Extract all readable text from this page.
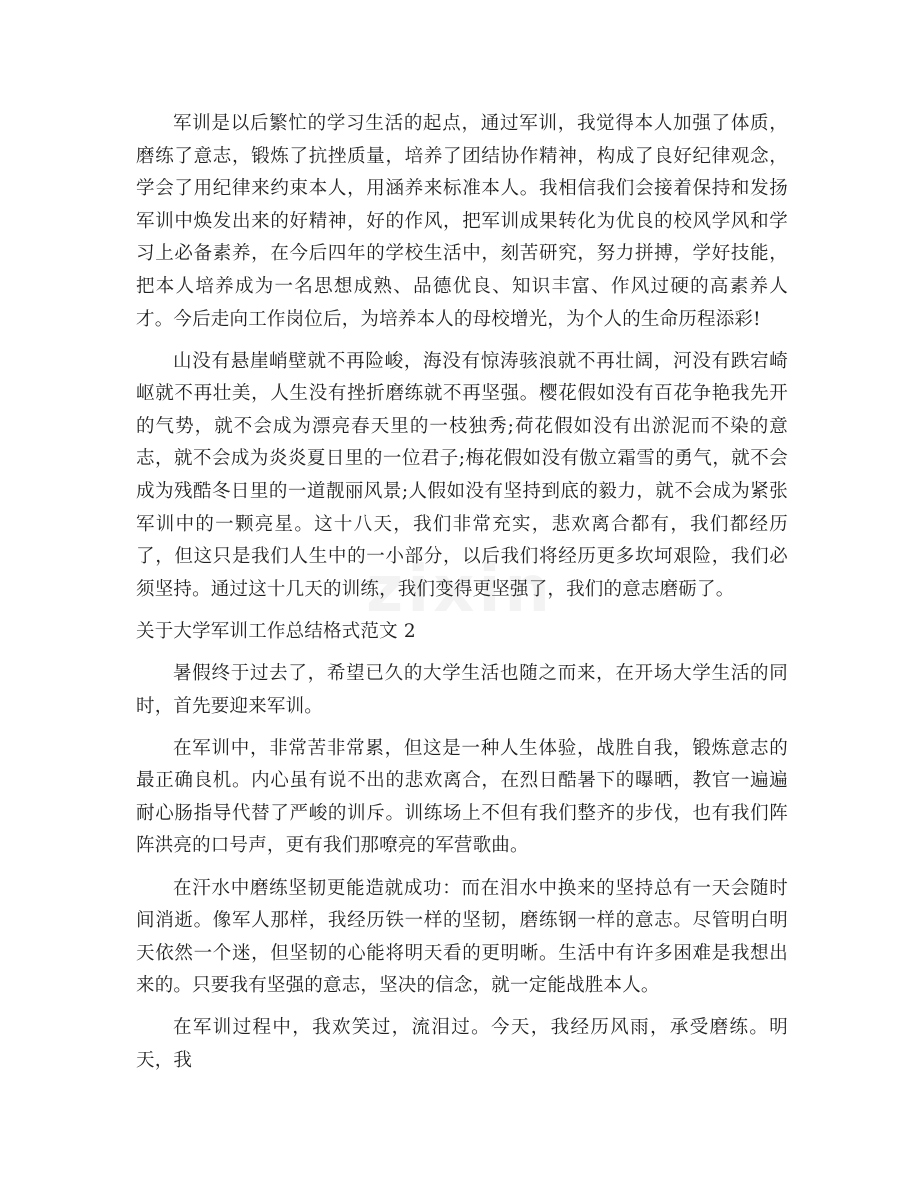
军训是以后繁忙的学习生活的起点，通过军训，我觉得本人加强了体质，磨练了意志，锻炼了抗挫质量，培养了团结协作精神，构成了良好纪律观念，学会了用纪律来约束本人，用涵养来标准本人。我相信我们会接着保持和发扬军训中焕发出来的好精神，好的作风，把军训成果转化为优良的校风学风和学习上必备素养，在今后四年的学校生活中，刻苦研究，努力拼搏，学好技能，把本人培养成为一名思想成熟、品德优良、知识丰富、作风过硬的高素养人才。今后走向工作岗位后，为培养本人的母校增光，为个人的生命历程添彩!

山没有悬崖峭壁就不再险峻，海没有惊涛骇浪就不再壮阔，河没有跌宕崎岖就不再壮美，人生没有挫折磨练就不再坚强。樱花假如没有百花争艳我先开的气势，就不会成为漂亮春天里的一枝独秀;荷花假如没有出淤泥而不染的意志，就不会成为炎炎夏日里的一位君子;梅花假如没有傲立霜雪的勇气，就不会成为残酷冬日里的一道靓丽风景;人假如没有坚持到底的毅力，就不会成为紧张军训中的一颗亮星。这十八天，我们非常充实，悲欢离合都有，我们都经历了，但这只是我们人生中的一小部分，以后我们将经历更多坎坷艰险，我们必须坚持。通过这十几天的训练，我们变得更坚强了，我们的意志磨砺了。

关于大学军训工作总结格式范文 2

暑假终于过去了，希望已久的大学生活也随之而来，在开场大学生活的同时，首先要迎来军训。

在军训中，非常苦非常累，但这是一种人生体验，战胜自我，锻炼意志的最正确良机。内心虽有说不出的悲欢离合，在烈日酷暑下的曝晒，教官一遍遍耐心肠指导代替了严峻的训斥。训练场上不但有我们整齐的步伐，也有我们阵阵洪亮的口号声，更有我们那嘹亮的军营歌曲。

在汗水中磨练坚韧更能造就成功：而在泪水中换来的坚持总有一天会随时间消逝。像军人那样，我经历铁一样的坚韧，磨练钢一样的意志。尽管明白明天依然一个迷，但坚韧的心能将明天看的更明晰。生活中有许多困难是我想出来的。只要我有坚强的意志，坚决的信念，就一定能战胜本人。

在军训过程中，我欢笑过，流泪过。今天，我经历风雨，承受磨练。明天，我
